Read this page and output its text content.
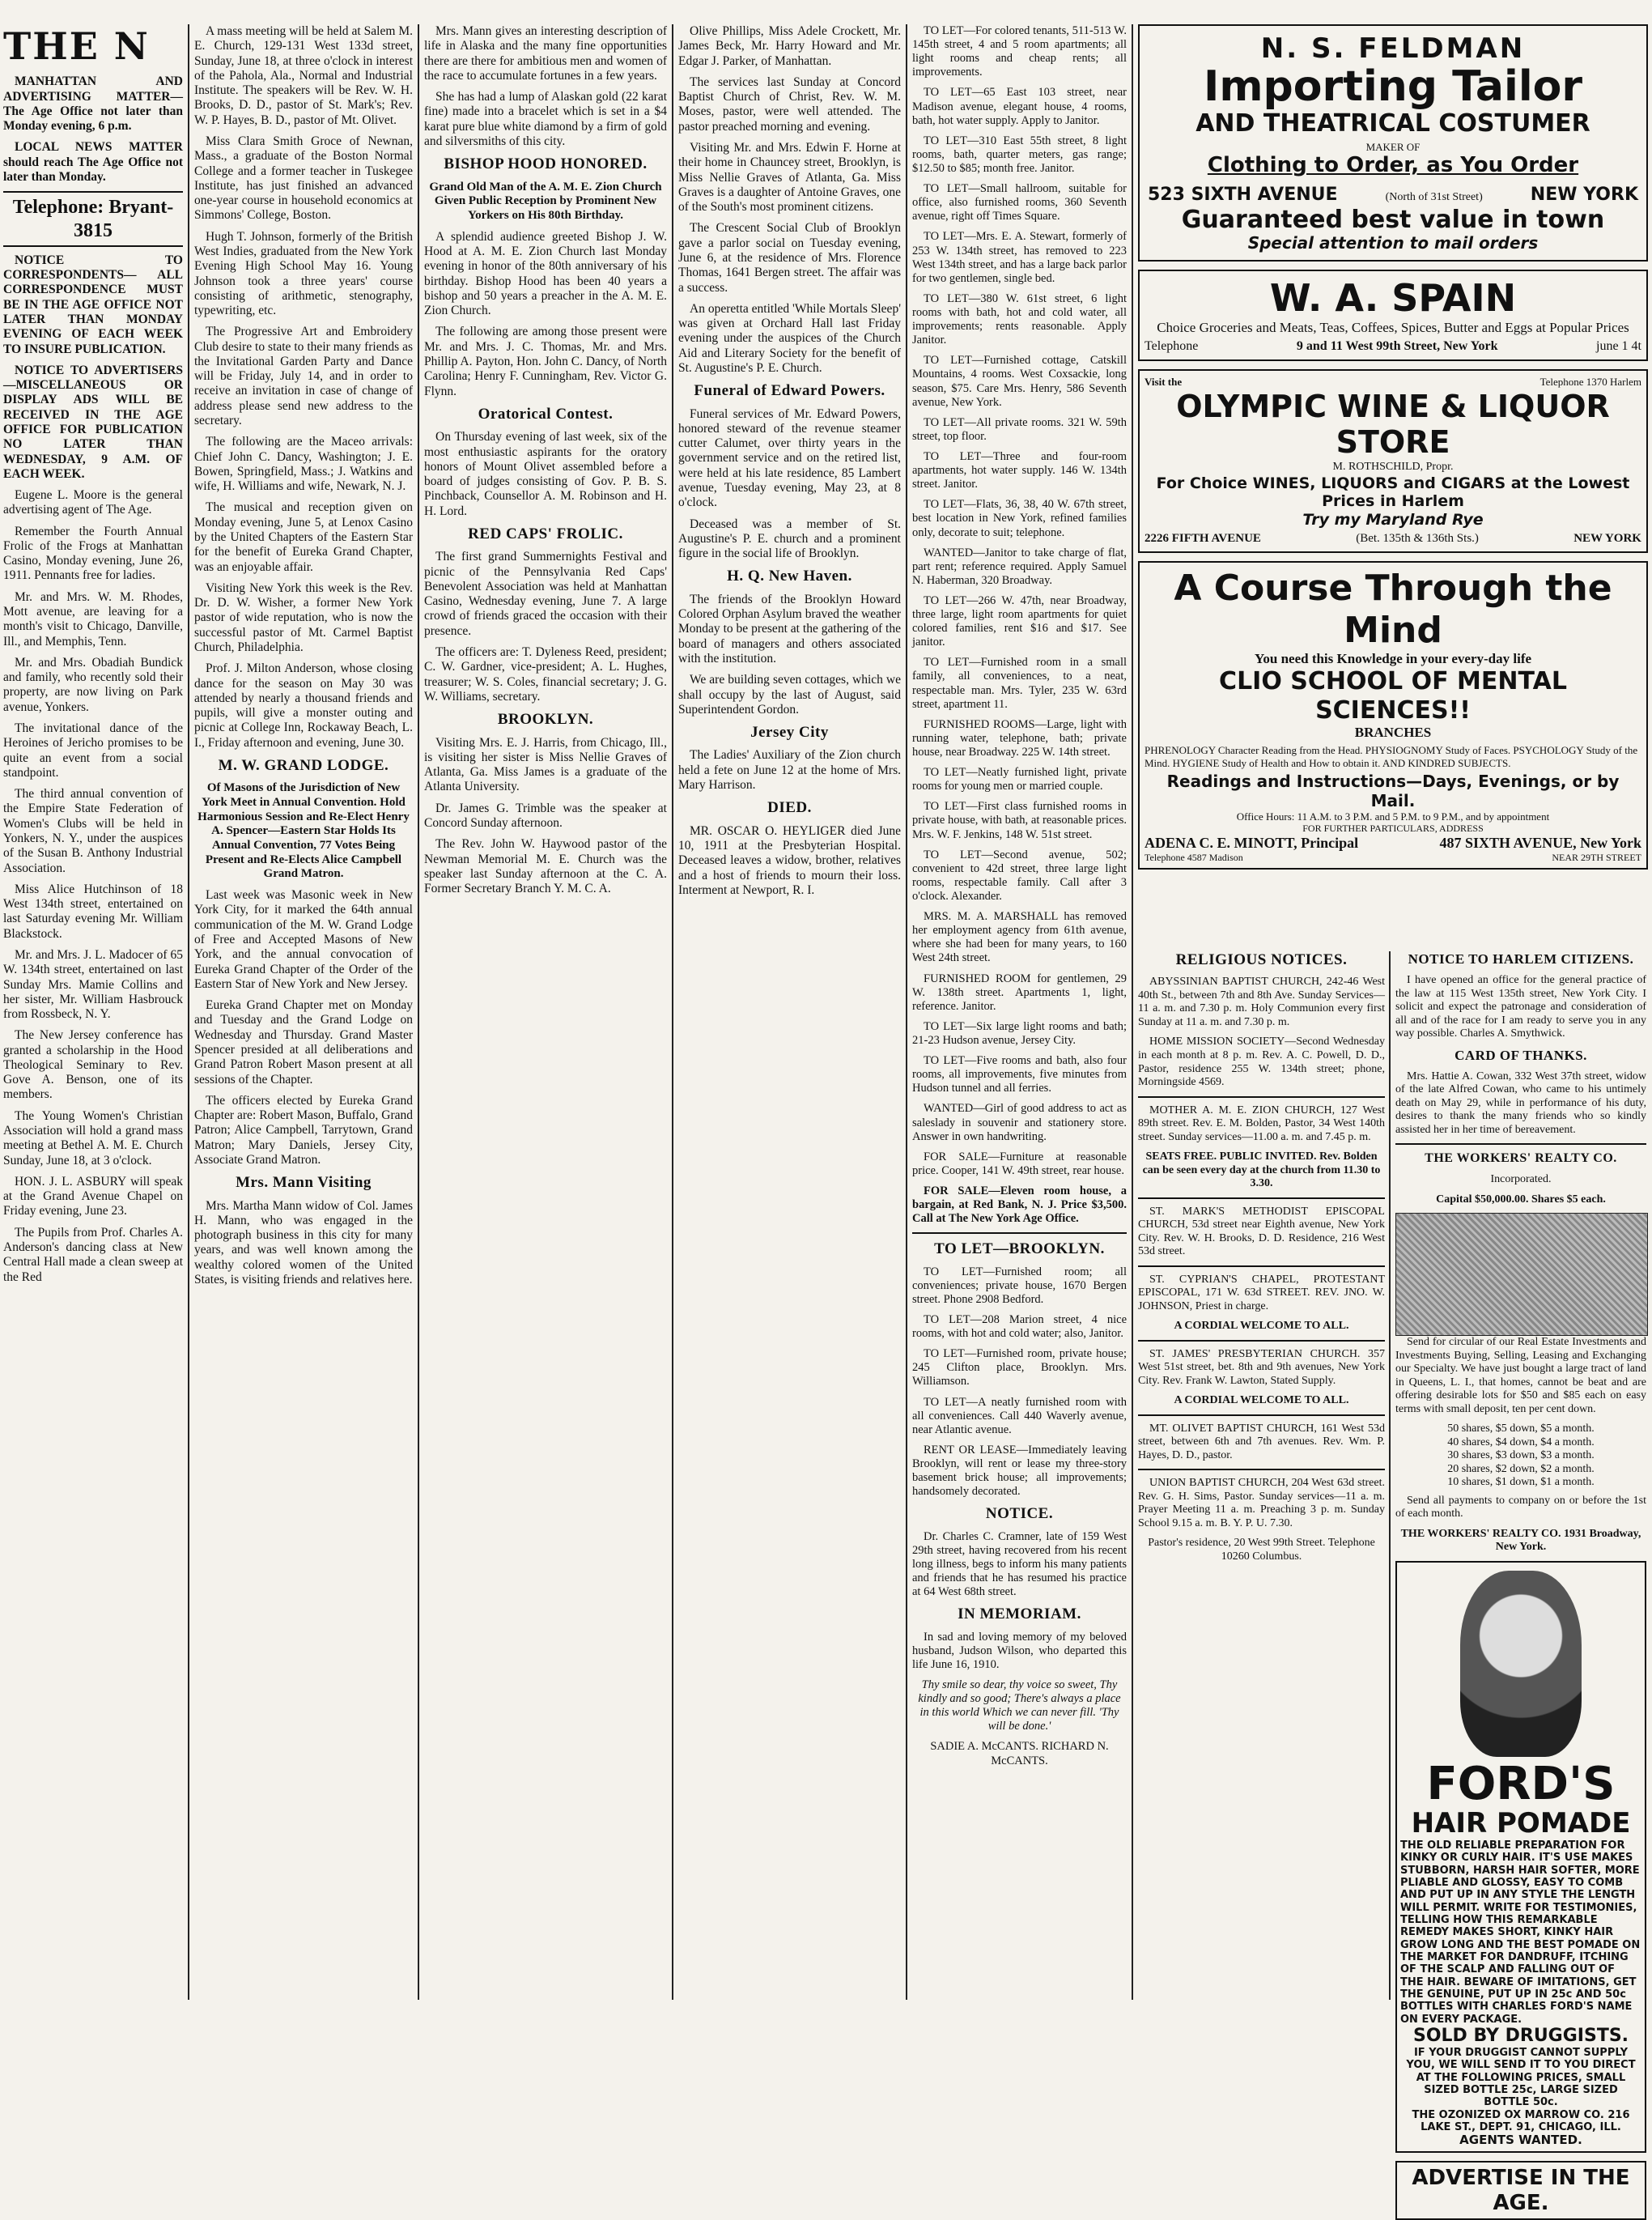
THE N

MANHATTAN AND ADVERTISING MATTER— The Age Office not later than Monday evening, 6 p.m.

LOCAL NEWS MATTER should reach The Age Office not later than Monday.

Telephone: Bryant-3815

NOTICE TO CORRESPONDENTS— ALL CORRESPONDENCE MUST BE IN THE AGE OFFICE NOT LATER THAN MONDAY EVENING OF EACH WEEK TO INSURE PUBLICATION.

NOTICE TO ADVERTISERS—MISCELLANEOUS OR DISPLAY ADS WILL BE RECEIVED IN THE AGE OFFICE FOR PUBLICATION NO LATER THAN WEDNESDAY, 9 A.M. OF EACH WEEK.

Eugene L. Moore is the general advertising agent of The Age.

Remember the Fourth Annual Frolic of the Frogs at Manhattan Casino, Monday evening, June 26, 1911. Pennants free for ladies.

Mr. and Mrs. W. M. Rhodes, Mott avenue, are leaving for a month's visit to Chicago, Danville, Ill., and Memphis, Tenn.

Mr. and Mrs. Obadiah Bundick and family, who recently sold their property, are now living on Park avenue, Yonkers.

The invitational dance of the Heroines of Jericho promises to be quite an event from a social standpoint.

The third annual convention of the Empire State Federation of Women's Clubs will be held in Yonkers, N. Y., under the auspices of the Susan B. Anthony Industrial Association.

Miss Alice Hutchinson of 18 West 134th street, entertained on last Saturday evening Mr. William Blackstock.

Mr. and Mrs. J. L. Madocer of 65 W. 134th street, entertained on last Sunday Mrs. Mamie Collins and her sister, Mr. William Hasbrouck from Rossbeck, N. Y.

The New Jersey conference has granted a scholarship in the Hood Theological Seminary to Rev. Gove A. Benson, one of its members.

The Young Women's Christian Association will hold a grand mass meeting at Bethel A. M. E. Church Sunday, June 18, at 3 o'clock.

HON. J. L. ASBURY will speak at the Grand Avenue Chapel on Friday evening, June 23.

The Pupils from Prof. Charles A. Anderson's dancing class at New Central Hall made a clean sweep at the Red

A mass meeting will be held at Salem M. E. Church, 129-131 West 133d street, Sunday, June 18, at three o'clock in interest of the Pahola, Ala., Normal and Industrial Institute. The speakers will be Rev. W. H. Brooks, D. D., pastor of St. Mark's; Rev. W. P. Hayes, B. D., pastor of Mt. Olivet.

Miss Clara Smith Groce of Newnan, Mass., a graduate of the Boston Normal College and a former teacher in Tuskegee Institute, has just finished an advanced one-year course in household economics at Simmons' College, Boston.

Hugh T. Johnson, formerly of the British West Indies, graduated from the New York Evening High School May 16. Young Johnson took a three years' course consisting of arithmetic, stenography, typewriting, etc.

The Progressive Art and Embroidery Club desire to state to their many friends as the Invitational Garden Party and Dance will be Friday, July 14, and in order to receive an invitation in case of change of address please send new address to the secretary.

The following are the Maceo arrivals: Chief John C. Dancy, Washington; J. E. Bowen, Springfield, Mass.; J. Watkins and wife, H. Williams and wife, Newark, N. J.

The musical and reception given on Monday evening, June 5, at Lenox Casino by the United Chapters of the Eastern Star for the benefit of Eureka Grand Chapter, was an enjoyable affair.

Visiting New York this week is the Rev. Dr. D. W. Wisher, a former New York pastor of wide reputation, who is now the successful pastor of Mt. Carmel Baptist Church, Philadelphia.

Prof. J. Milton Anderson, whose closing dance for the season on May 30 was attended by nearly a thousand friends and pupils, will give a monster outing and picnic at College Inn, Rockaway Beach, L. I., Friday afternoon and evening, June 30.

M. W. GRAND LODGE.

Of Masons of the Jurisdiction of New York Meet in Annual Convention. Hold Harmonious Session and Re-Elect Henry A. Spencer—Eastern Star Holds Its Annual Convention, 77 Votes Being Present and Re-Elects Alice Campbell Grand Matron.

Last week was Masonic week in New York City, for it marked the 64th annual communication of the M. W. Grand Lodge of Free and Accepted Masons of New York, and the annual convocation of Eureka Grand Chapter of the Order of the Eastern Star of New York and New Jersey.

Eureka Grand Chapter met on Monday and Tuesday and the Grand Lodge on Wednesday and Thursday. Grand Master Spencer presided at all deliberations and Grand Patron Robert Mason present at all sessions of the Chapter.

The officers elected by Eureka Grand Chapter are: Robert Mason, Buffalo, Grand Patron; Alice Campbell, Tarrytown, Grand Matron; Mary Daniels, Jersey City, Associate Grand Matron.

Mrs. Mann Visiting

Mrs. Martha Mann widow of Col. James H. Mann, who was engaged in the photograph business in this city for many years, and was well known among the wealthy colored women of the United States, is visiting friends and relatives here.

Mrs. Mann gives an interesting description of life in Alaska and the many fine opportunities there are there for ambitious men and women of the race to accumulate fortunes in a few years.

She has had a lump of Alaskan gold (22 karat fine) made into a bracelet which is set in a $4 karat pure blue white diamond by a firm of gold and silversmiths of this city.

BISHOP HOOD HONORED.

Grand Old Man of the A. M. E. Zion Church Given Public Reception by Prominent New Yorkers on His 80th Birthday.

A splendid audience greeted Bishop J. W. Hood at A. M. E. Zion Church last Monday evening in honor of the 80th anniversary of his birthday. Bishop Hood has been 40 years a bishop and 50 years a preacher in the A. M. E. Zion Church.

The following are among those present were Mr. and Mrs. J. C. Thomas, Mr. and Mrs. Phillip A. Payton, Hon. John C. Dancy, of North Carolina; Henry F. Cunningham, Rev. Victor G. Flynn.

Oratorical Contest.

On Thursday evening of last week, six of the most enthusiastic aspirants for the oratory honors of Mount Olivet assembled before a board of judges consisting of Gov. P. B. S. Pinchback, Counsellor A. M. Robinson and H. H. Lord.

RED CAPS' FROLIC.

The first grand Summernights Festival and picnic of the Pennsylvania Red Caps' Benevolent Association was held at Manhattan Casino, Wednesday evening, June 7. A large crowd of friends graced the occasion with their presence.

The officers are: T. Dyleness Reed, president; C. W. Gardner, vice-president; A. L. Hughes, treasurer; W. S. Coles, financial secretary; J. G. W. Williams, secretary.

BROOKLYN.

Visiting Mrs. E. J. Harris, from Chicago, Ill., is visiting her sister is Miss Nellie Graves of Atlanta, Ga. Miss James is a graduate of the Atlanta University.

Dr. James G. Trimble was the speaker at Concord Sunday afternoon.

The Rev. John W. Haywood pastor of the Newman Memorial M. E. Church was the speaker last Sunday afternoon at the C. A. Former Secretary Branch Y. M. C. A.

Olive Phillips, Miss Adele Crockett, Mr. James Beck, Mr. Harry Howard and Mr. Edgar J. Parker, of Manhattan.

The services last Sunday at Concord Baptist Church of Christ, Rev. W. M. Moses, pastor, were well attended. The pastor preached morning and evening.

Visiting Mr. and Mrs. Edwin F. Horne at their home in Chauncey street, Brooklyn, is Miss Nellie Graves of Atlanta, Ga. Miss Graves is a daughter of Antoine Graves, one of the South's most prominent citizens.

The Crescent Social Club of Brooklyn gave a parlor social on Tuesday evening, June 6, at the residence of Mrs. Florence Thomas, 1641 Bergen street. The affair was a success.

An operetta entitled 'While Mortals Sleep' was given at Orchard Hall last Friday evening under the auspices of the Church Aid and Literary Society for the benefit of St. Augustine's P. E. Church.

Funeral of Edward Powers.

Funeral services of Mr. Edward Powers, honored steward of the revenue steamer cutter Calumet, over thirty years in the government service and on the retired list, were held at his late residence, 85 Lambert avenue, Tuesday evening, May 23, at 8 o'clock.

Deceased was a member of St. Augustine's P. E. church and a prominent figure in the social life of Brooklyn.

H. Q. New Haven.

The friends of the Brooklyn Howard Colored Orphan Asylum braved the weather Monday to be present at the gathering of the board of managers and others associated with the institution.

We are building seven cottages, which we shall occupy by the last of August, said Superintendent Gordon.

Jersey City

The Ladies' Auxiliary of the Zion church held a fete on June 12 at the home of Mrs. Mary Harrison.

DIED.

MR. OSCAR O. HEYLIGER died June 10, 1911 at the Presbyterian Hospital. Deceased leaves a widow, brother, relatives and a host of friends to mourn their loss. Interment at Newport, R. I.

TO LET—For colored tenants, 511-513 W. 145th street, 4 and 5 room apartments; all light rooms and cheap rents; all improvements.

TO LET—65 East 103 street, near Madison avenue, elegant house, 4 rooms, bath, hot water supply. Apply to Janitor.

TO LET—310 East 55th street, 8 light rooms, bath, quarter meters, gas range; $12.50 to $85; month free. Janitor.

TO LET—Small hallroom, suitable for office, also furnished rooms, 360 Seventh avenue, right off Times Square.

TO LET—Mrs. E. A. Stewart, formerly of 253 W. 134th street, has removed to 223 West 134th street, and has a large back parlor for two gentlemen, single bed.

TO LET—380 W. 61st street, 6 light rooms with bath, hot and cold water, all improvements; rents reasonable. Apply Janitor.

TO LET—Furnished cottage, Catskill Mountains, 4 rooms. West Coxsackie, long season, $75. Care Mrs. Henry, 586 Seventh avenue, New York.

TO LET—All private rooms. 321 W. 59th street, top floor.

TO LET—Three and four-room apartments, hot water supply. 146 W. 134th street. Janitor.

TO LET—Flats, 36, 38, 40 W. 67th street, best location in New York, refined families only, decorate to suit; telephone.

WANTED—Janitor to take charge of flat, part rent; reference required. Apply Samuel N. Haberman, 320 Broadway.

TO LET—266 W. 47th, near Broadway, three large, light room apartments for quiet colored families, rent $16 and $17. See janitor.

TO LET—Furnished room in a small family, all conveniences, to a neat, respectable man. Mrs. Tyler, 235 W. 63rd street, apartment 11.

FURNISHED ROOMS—Large, light with running water, telephone, bath; private house, near Broadway. 225 W. 14th street.

TO LET—Neatly furnished light, private rooms for young men or married couple.

TO LET—First class furnished rooms in private house, with bath, at reasonable prices. Mrs. W. F. Jenkins, 148 W. 51st street.

TO LET—Second avenue, 502; convenient to 42d street, three large light rooms, respectable family. Call after 3 o'clock. Alexander.

MRS. M. A. MARSHALL has removed her employment agency from 61th avenue, where she had been for many years, to 160 West 24th street.

FURNISHED ROOM for gentlemen, 29 W. 138th street. Apartments 1, light, reference. Janitor.

TO LET—Six large light rooms and bath; 21-23 Hudson avenue, Jersey City.

TO LET—Five rooms and bath, also four rooms, all improvements, five minutes from Hudson tunnel and all ferries.

WANTED—Girl of good address to act as saleslady in souvenir and stationery store. Answer in own handwriting.

FOR SALE—Furniture at reasonable price. Cooper, 141 W. 49th street, rear house.

FOR SALE—Eleven room house, a bargain, at Red Bank, N. J. Price $3,500. Call at The New York Age Office.

TO LET—BROOKLYN.

TO LET—Furnished room; all conveniences; private house, 1670 Bergen street. Phone 2908 Bedford.

TO LET—208 Marion street, 4 nice rooms, with hot and cold water; also, Janitor.

TO LET—Furnished room, private house; 245 Clifton place, Brooklyn. Mrs. Williamson.

TO LET—A neatly furnished room with all conveniences. Call 440 Waverly avenue, near Atlantic avenue.

RENT OR LEASE—Immediately leaving Brooklyn, will rent or lease my three-story basement brick house; all improvements; handsomely decorated.

NOTICE.

Dr. Charles C. Cramner, late of 159 West 29th street, having recovered from his recent long illness, begs to inform his many patients and friends that he has resumed his practice at 64 West 68th street.

IN MEMORIAM.

In sad and loving memory of my beloved husband, Judson Wilson, who departed this life June 16, 1910.

Thy smile so dear, thy voice so sweet, Thy kindly and so good; There's always a place in this world Which we can never fill. 'Thy will be done.'

SADIE A. McCANTS. RICHARD N. McCANTS.

N. S. FELDMAN
Importing Tailor
AND THEATRICAL COSTUMER
MAKER OF
Clothing to Order, as You Order
523 SIXTH AVENUE	(North of 31st Street)	NEW YORK
Guaranteed best value in town
Special attention to mail orders
W. A. SPAIN
Choice Groceries and Meats, Teas, Coffees, Spices, Butter and Eggs at Popular Prices
Telephone	9 and 11 West 99th Street, New York	june 1 4t
Visit the	Telephone 1370 Harlem
OLYMPIC WINE & LIQUOR STORE
M. ROTHSCHILD, Propr.
For Choice WINES, LIQUORS and CIGARS at the Lowest Prices in Harlem
Try my Maryland Rye
2226 FIFTH AVENUE	(Bet. 135th & 136th Sts.)	NEW YORK
A Course Through the Mind
You need this Knowledge in your every-day life
CLIO SCHOOL OF MENTAL SCIENCES!!
BRANCHES
PHRENOLOGY Character Reading from the Head. PHYSIOGNOMY Study of Faces. PSYCHOLOGY Study of the Mind. HYGIENE Study of Health and How to obtain it. AND KINDRED SUBJECTS.
Readings and Instructions—Days, Evenings, or by Mail.
Office Hours: 11 A.M. to 3 P.M. and 5 P.M. to 9 P.M., and by appointment
FOR FURTHER PARTICULARS, ADDRESS
ADENA C. E. MINOTT, Principal	487 SIXTH AVENUE, New York
Telephone 4587 Madison	NEAR 29TH STREET

RELIGIOUS NOTICES.

ABYSSINIAN BAPTIST CHURCH, 242-46 West 40th St., between 7th and 8th Ave. Sunday Services—11 a. m. and 7.30 p. m. Holy Communion every first Sunday at 11 a. m. and 7.30 p. m.

HOME MISSION SOCIETY—Second Wednesday in each month at 8 p. m. Rev. A. C. Powell, D. D., Pastor, residence 255 W. 134th street; phone, Morningside 4569.

MOTHER A. M. E. ZION CHURCH, 127 West 89th street. Rev. E. M. Bolden, Pastor, 34 West 140th street. Sunday services—11.00 a. m. and 7.45 p. m.

SEATS FREE. PUBLIC INVITED. Rev. Bolden can be seen every day at the church from 11.30 to 3.30.

ST. MARK'S METHODIST EPISCOPAL CHURCH, 53d street near Eighth avenue, New York City. Rev. W. H. Brooks, D. D. Residence, 216 West 53d street.

ST. CYPRIAN'S CHAPEL, PROTESTANT EPISCOPAL, 171 W. 63d STREET. REV. JNO. W. JOHNSON, Priest in charge.

A CORDIAL WELCOME TO ALL.

ST. JAMES' PRESBYTERIAN CHURCH. 357 West 51st street, bet. 8th and 9th avenues, New York City. Rev. Frank W. Lawton, Stated Supply.

A CORDIAL WELCOME TO ALL.

MT. OLIVET BAPTIST CHURCH, 161 West 53d street, between 6th and 7th avenues. Rev. Wm. P. Hayes, D. D., pastor.

UNION BAPTIST CHURCH, 204 West 63d street. Rev. G. H. Sims, Pastor. Sunday services—11 a. m. Prayer Meeting 11 a. m. Preaching 3 p. m. Sunday School 9.15 a. m. B. Y. P. U. 7.30.

Pastor's residence, 20 West 99th Street. Telephone 10260 Columbus.

NOTICE TO HARLEM CITIZENS.

I have opened an office for the general practice of the law at 115 West 135th street, New York City. I solicit and expect the patronage and consideration of all and of the race for I am ready to serve you in any way possible. Charles A. Smythwick.

CARD OF THANKS.

Mrs. Hattie A. Cowan, 332 West 37th street, widow of the late Alfred Cowan, who came to his untimely death on May 29, while in performance of his duty, desires to thank the many friends who so kindly assisted her in her time of bereavement.

THE WORKERS' REALTY CO.

Incorporated.

Capital $50,000.00. Shares $5 each.

Send for circular of our Real Estate Investments and Investments Buying, Selling, Leasing and Exchanging our Specialty. We have just bought a large tract of land in Queens, L. I., that homes, cannot be beat and are offering desirable lots for $50 and $85 each on easy terms with small deposit, ten per cent down.

50 shares, $5 down, $5 a month.

40 shares, $4 down, $4 a month.

30 shares, $3 down, $3 a month.

20 shares, $2 down, $2 a month.

10 shares, $1 down, $1 a month.

Send all payments to company on or before the 1st of each month.

THE WORKERS' REALTY CO. 1931 Broadway, New York.

FORD'S
HAIR POMADE
THE OLD RELIABLE PREPARATION FOR KINKY OR CURLY HAIR. IT'S USE MAKES STUBBORN, HARSH HAIR SOFTER, MORE PLIABLE AND GLOSSY, EASY TO COMB AND PUT UP IN ANY STYLE THE LENGTH WILL PERMIT. WRITE FOR TESTIMONIES, TELLING HOW THIS REMARKABLE REMEDY MAKES SHORT, KINKY HAIR GROW LONG AND THE BEST POMADE ON THE MARKET FOR DANDRUFF, ITCHING OF THE SCALP AND FALLING OUT OF THE HAIR. BEWARE OF IMITATIONS, GET THE GENUINE, PUT UP IN 25c AND 50c BOTTLES WITH CHARLES FORD'S NAME ON EVERY PACKAGE.
SOLD BY DRUGGISTS.
IF YOUR DRUGGIST CANNOT SUPPLY YOU, WE WILL SEND IT TO YOU DIRECT AT THE FOLLOWING PRICES, SMALL SIZED BOTTLE 25c, LARGE SIZED BOTTLE 50c.
THE OZONIZED OX MARROW CO. 216 LAKE ST., DEPT. 91, CHICAGO, ILL.
AGENTS WANTED.
ADVERTISE IN THE AGE.
